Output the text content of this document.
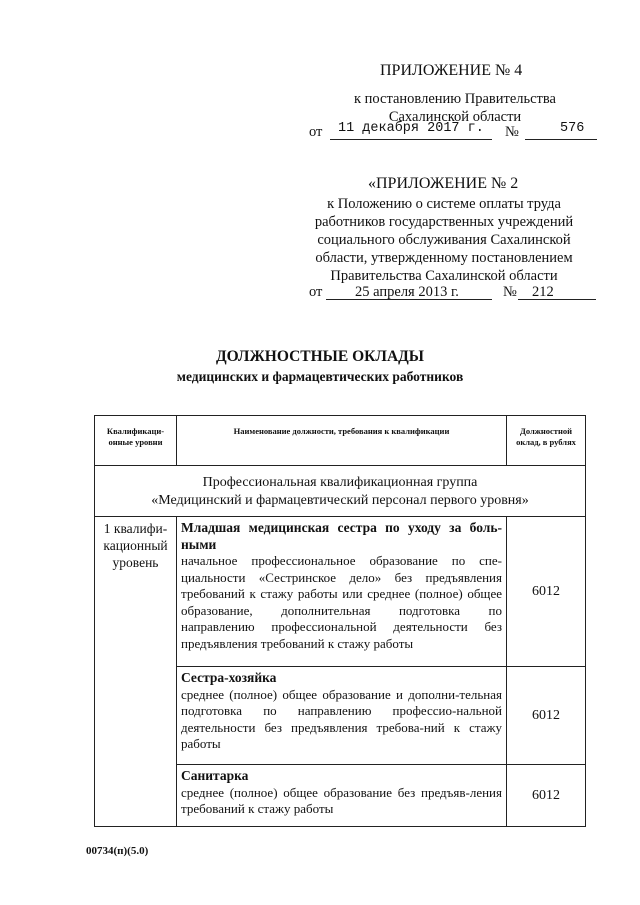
ПРИЛОЖЕНИЕ № 4
к постановлению Правительства
Сахалинской области
от 11 декабря 2017 г. №	576
«ПРИЛОЖЕНИЕ № 2
к Положению о системе оплаты труда
работников государственных учреждений
социального обслуживания Сахалинской
области, утвержденному постановлением
Правительства Сахалинской области
от 25 апреля 2013 г.	№ 212
ДОЛЖНОСТНЫЕ ОКЛАДЫ
медицинских и фармацевтических работников
Квалификаци-онные уровни	Наименование должности, требования к квалификации	Должностной оклад, в рублях

Профессиональная квалификационная группа
«Медицинский и фармацевтический персонал первого уровня»		

1 квалифи-кационный уровень	Младшая медицинская сестра по уходу за боль-ными
начальное профессиональное образование по спе-циальности «Сестринское дело» без предъявления требований к стажу работы или среднее (полное) общее образование, дополнительная подготовка по направлению профессиональной деятельности без предъявления требований к стажу работы	6012

	Сестра-хозяйка
среднее (полное) общее образование и дополни-тельная подготовка по направлению профессио-нальной деятельности без предъявления требова-ний к стажу работы	6012

	Санитарка
среднее (полное) общее образование без предъяв-ления требований к стажу работы	6012
00734(п)(5.0)
